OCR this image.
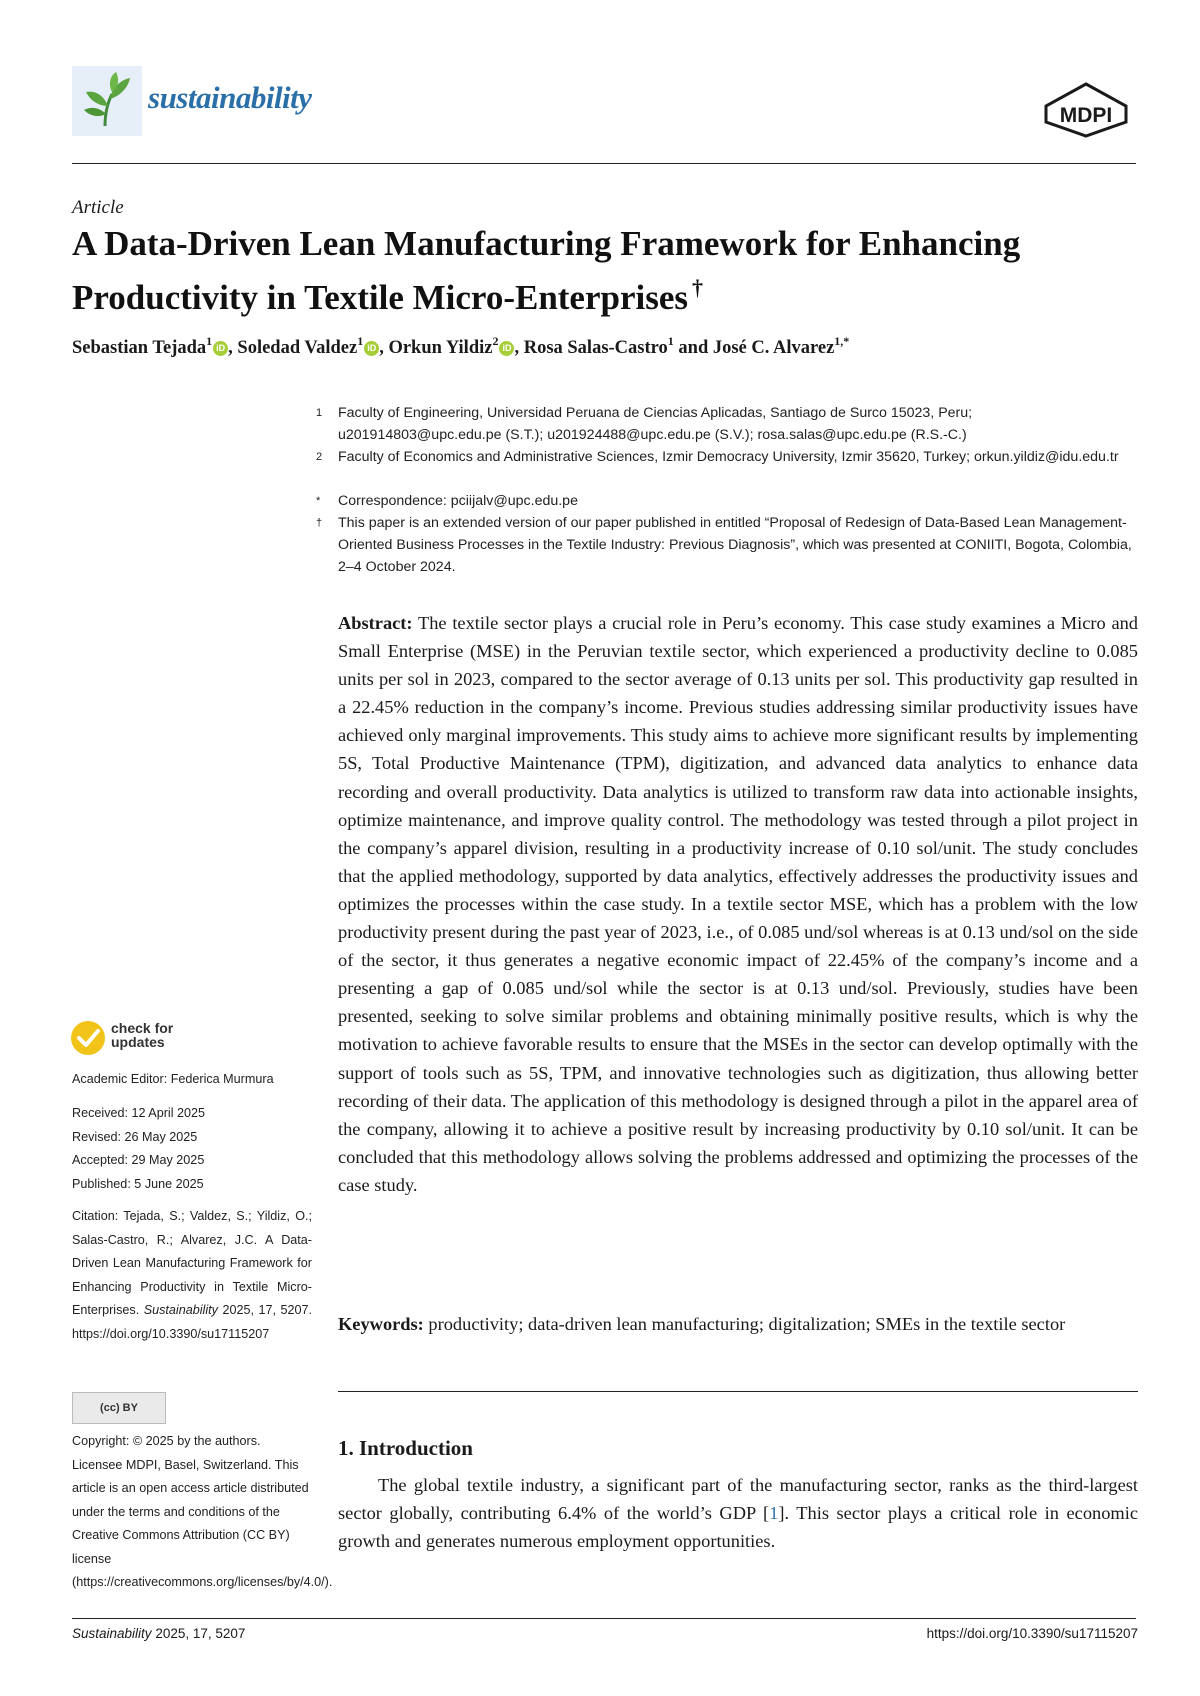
sustainability
MDPI
Article
A Data-Driven Lean Manufacturing Framework for Enhancing Productivity in Textile Micro-Enterprises †
Sebastian Tejada$^1$ iD , Soledad Valdez$^1$ iD , Orkun Yildiz$^2$ iD , Rosa Salas-Castro$^1$ and José C. Alvarez$^{1,*}$
1 Faculty of Engineering, Universidad Peruana de Ciencias Aplicadas, Santiago de Surco 15023, Peru; u201914803@upc.edu.pe (S.T.); u201924488@upc.edu.pe (S.V.); rosa.salas@upc.edu.pe (R.S.-C.)
2 Faculty of Economics and Administrative Sciences, Izmir Democracy University, Izmir 35620, Turkey; orkun.yildiz@idu.edu.tr
* Correspondence: pciijalv@upc.edu.pe
† This paper is an extended version of our paper published in entitled “Proposal of Redesign of Data-Based Lean Management-Oriented Business Processes in the Textile Industry: Previous Diagnosis”, which was presented at CONIITI, Bogota, Colombia, 2–4 October 2024.
Abstract: The textile sector plays a crucial role in Peru’s economy. This case study examines a Micro and Small Enterprise (MSE) in the Peruvian textile sector, which experienced a productivity decline to 0.085 units per sol in 2023, compared to the sector average of 0.13 units per sol. This productivity gap resulted in a 22.45% reduction in the company’s income. Previous studies addressing similar productivity issues have achieved only marginal improvements. This study aims to achieve more significant results by implementing 5S, Total Productive Maintenance (TPM), digitization, and advanced data analytics to enhance data recording and overall productivity. Data analytics is utilized to transform raw data into actionable insights, optimize maintenance, and improve quality control. The methodology was tested through a pilot project in the company’s apparel division, resulting in a productivity increase of 0.10 sol/unit. The study concludes that the applied methodology, supported by data analytics, effectively addresses the productivity issues and optimizes the processes within the case study. In a textile sector MSE, which has a problem with the low productivity present during the past year of 2023, i.e., of 0.085 und/sol whereas is at 0.13 und/sol on the side of the sector, it thus generates a negative economic impact of 22.45% of the company’s income and a presenting a gap of 0.085 und/sol while the sector is at 0.13 und/sol. Previously, studies have been presented, seeking to solve similar problems and obtaining minimally positive results, which is why the motivation to achieve favorable results to ensure that the MSEs in the sector can develop optimally with the support of tools such as 5S, TPM, and innovative technologies such as digitization, thus allowing better recording of their data. The application of this methodology is designed through a pilot in the apparel area of the company, allowing it to achieve a positive result by increasing productivity by 0.10 sol/unit. It can be concluded that this methodology allows solving the problems addressed and optimizing the processes of the case study.
Keywords: productivity; data-driven lean manufacturing; digitalization; SMEs in the textile sector
1. Introduction
The global textile industry, a significant part of the manufacturing sector, ranks as the third-largest sector globally, contributing 6.4% of the world’s GDP [1]. This sector plays a critical role in economic growth and generates numerous employment opportunities.
check for
updates
Academic Editor: Federica Murmura
Received: 12 April 2025
Revised: 26 May 2025
Accepted: 29 May 2025
Published: 5 June 2025
Citation: Tejada, S.; Valdez, S.; Yildiz, O.; Salas-Castro, R.; Alvarez, J.C. A Data-Driven Lean Manufacturing Framework for Enhancing Productivity in Textile Micro-Enterprises. Sustainability 2025, 17, 5207. https://doi.org/10.3390/su17115207
(cc) BY
Copyright: © 2025 by the authors. Licensee MDPI, Basel, Switzerland. This article is an open access article distributed under the terms and conditions of the Creative Commons Attribution (CC BY) license (https://creativecommons.org/licenses/by/4.0/).
Sustainability 2025, 17, 5207	https://doi.org/10.3390/su17115207
